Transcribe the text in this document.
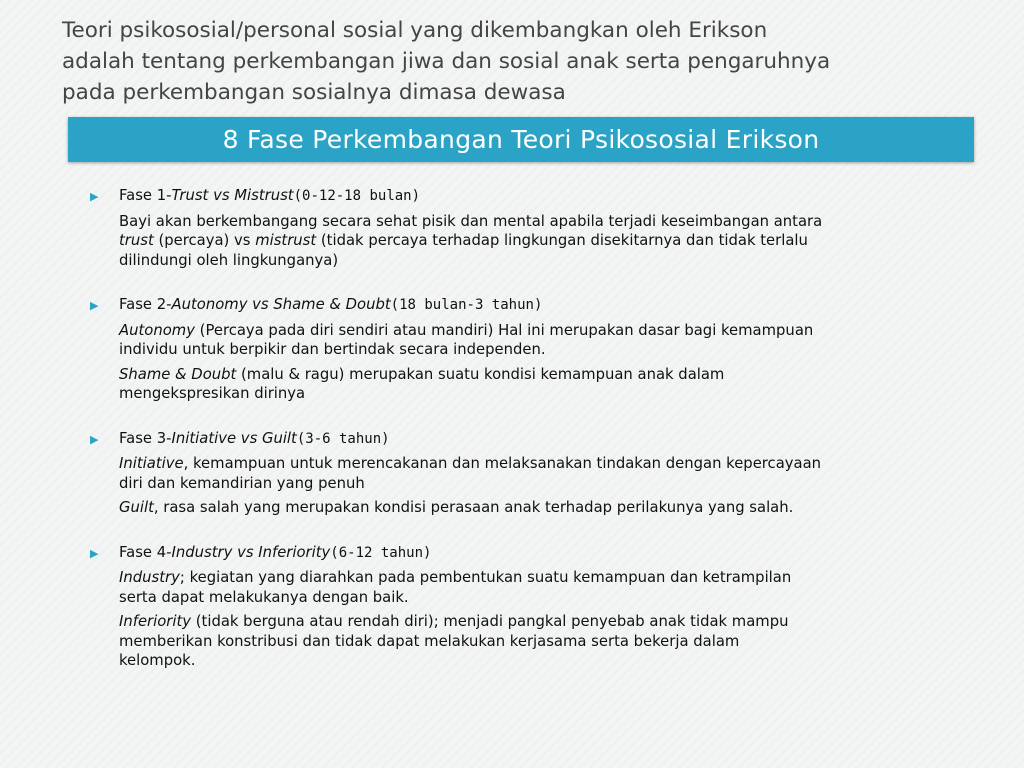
Teori psikososial/personal sosial yang dikembangkan oleh Erikson
adalah tentang perkembangan jiwa dan sosial anak serta pengaruhnya
pada perkembangan sosialnya dimasa dewasa
8 Fase Perkembangan Teori Psikososial Erikson
▶	Fase 1- Trust vs Mistrust (0-12-18 bulan)
Bayi akan berkembangang secara sehat pisik dan mental apabila terjadi keseimbangan antara
trust (percaya) vs mistrust (tidak percaya terhadap lingkungan disekitarnya dan tidak terlalu
dilindungi oleh lingkunganya)
▶	Fase 2- Autonomy vs Shame & Doubt (18 bulan-3 tahun)
Autonomy (Percaya pada diri sendiri atau mandiri) Hal ini merupakan dasar bagi kemampuan
individu untuk berpikir dan bertindak secara independen.
Shame & Doubt (malu & ragu) merupakan suatu kondisi kemampuan anak dalam
mengekspresikan dirinya
▶	Fase 3- Initiative vs Guilt (3-6 tahun)
Initiative, kemampuan untuk merencakanan dan melaksanakan tindakan dengan kepercayaan
diri dan kemandirian yang penuh
Guilt, rasa salah yang merupakan kondisi perasaan anak terhadap perilakunya yang salah.
▶	Fase 4- Industry vs Inferiority (6-12 tahun)
Industry; kegiatan yang diarahkan pada pembentukan suatu kemampuan dan ketrampilan
serta dapat melakukanya dengan baik.
Inferiority (tidak berguna atau rendah diri); menjadi pangkal penyebab anak tidak mampu
memberikan konstribusi dan tidak dapat melakukan kerjasama serta bekerja dalam
kelompok.
